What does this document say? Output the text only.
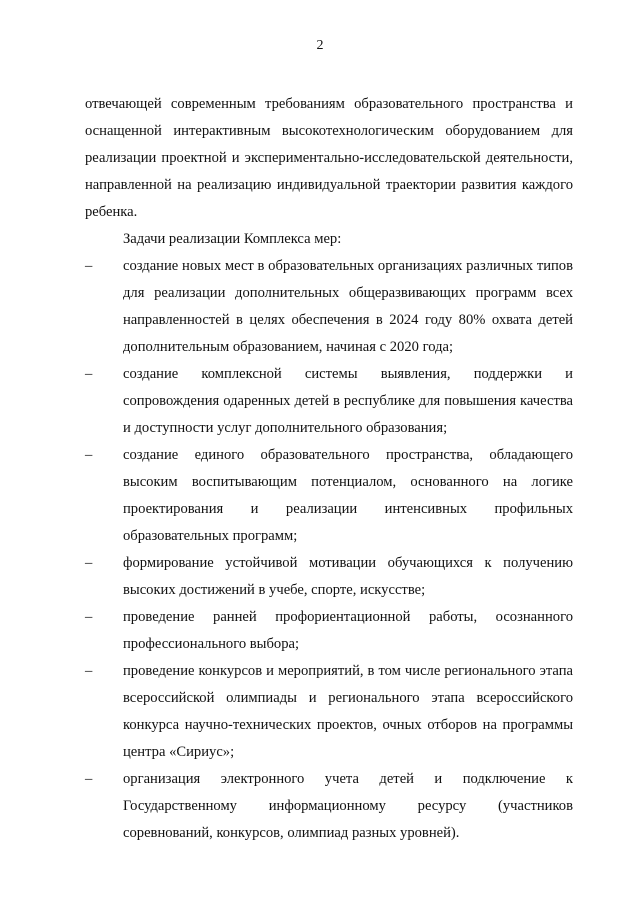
2

отвечающей современным требованиям образовательного пространства и оснащенной интерактивным высокотехнологическим оборудованием для реализации проектной и экспериментально-исследовательской деятельности, направленной на реализацию индивидуальной траектории развития каждого ребенка.

Задачи реализации Комплекса мер:

– создание новых мест в образовательных организациях различных типов для реализации дополнительных общеразвивающих программ всех направленностей в целях обеспечения в 2024 году 80% охвата детей дополнительным образованием, начиная с 2020 года;
– создание комплексной системы выявления, поддержки и сопровождения одаренных детей в республике для повышения качества и доступности услуг дополнительного образования;
– создание единого образовательного пространства, обладающего высоким воспитывающим потенциалом, основанного на логике проектирования и реализации интенсивных профильных образовательных программ;
– формирование устойчивой мотивации обучающихся к получению высоких достижений в учебе, спорте, искусстве;
– проведение ранней профориентационной работы, осознанного профессионального выбора;
– проведение конкурсов и мероприятий, в том числе регионального этапа всероссийской олимпиады и регионального этапа всероссийского конкурса научно-технических проектов, очных отборов на программы центра «Сириус»;
– организация электронного учета детей и подключение к Государственному информационному ресурсу (участников соревнований, конкурсов, олимпиад разных уровней).
